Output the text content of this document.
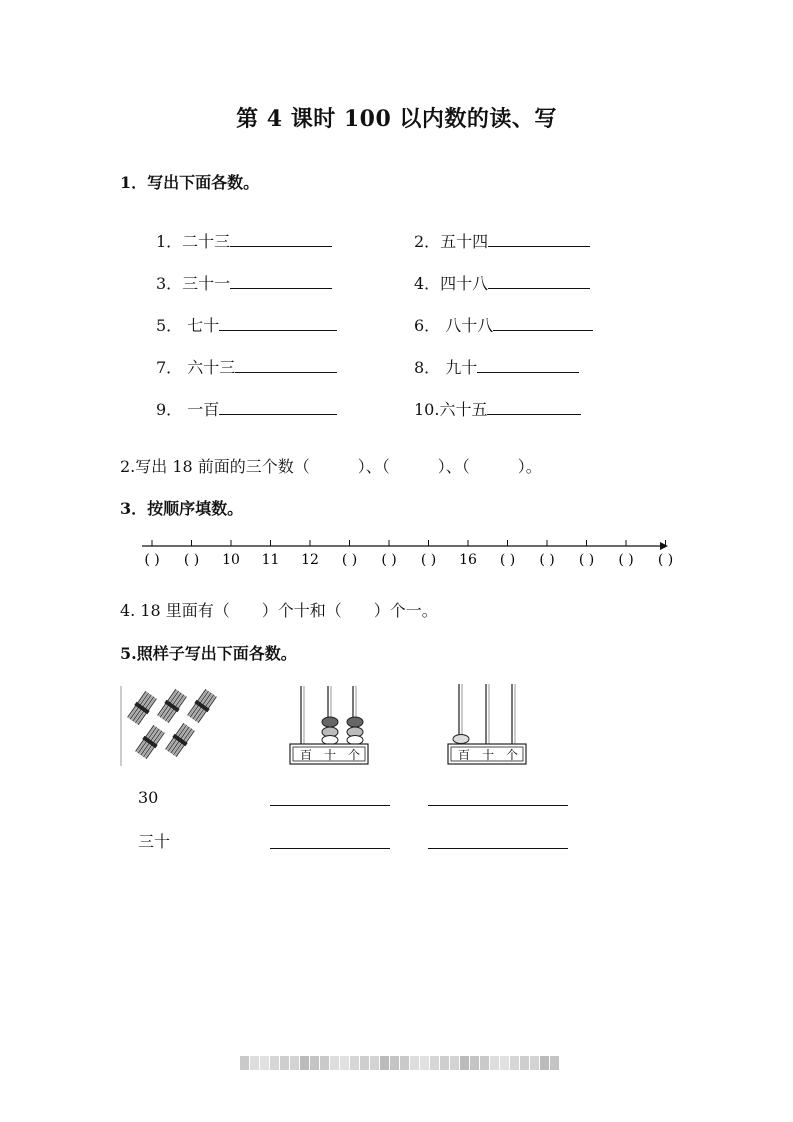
第 4 课时 100 以内数的读、写
1．写出下面各数。
1．二十三	2．五十四
3．三十一	4．四十八
5． 七十	6． 八十八
7． 六十三	8． 九十
9． 一百	10.六十五
2.写出 18 前面的三个数（　　　）、（　　　）、（　　　）。
3．按顺序填数。
( ) ( ) 10 11 12 ( ) ( ) ( ) 16 ( ) ( ) ( ) ( ) ( )
4. 18 里面有（　　）个十和（　　）个一。
5.照样子写出下面各数。
百 十 个	百 十 个
30
三十
